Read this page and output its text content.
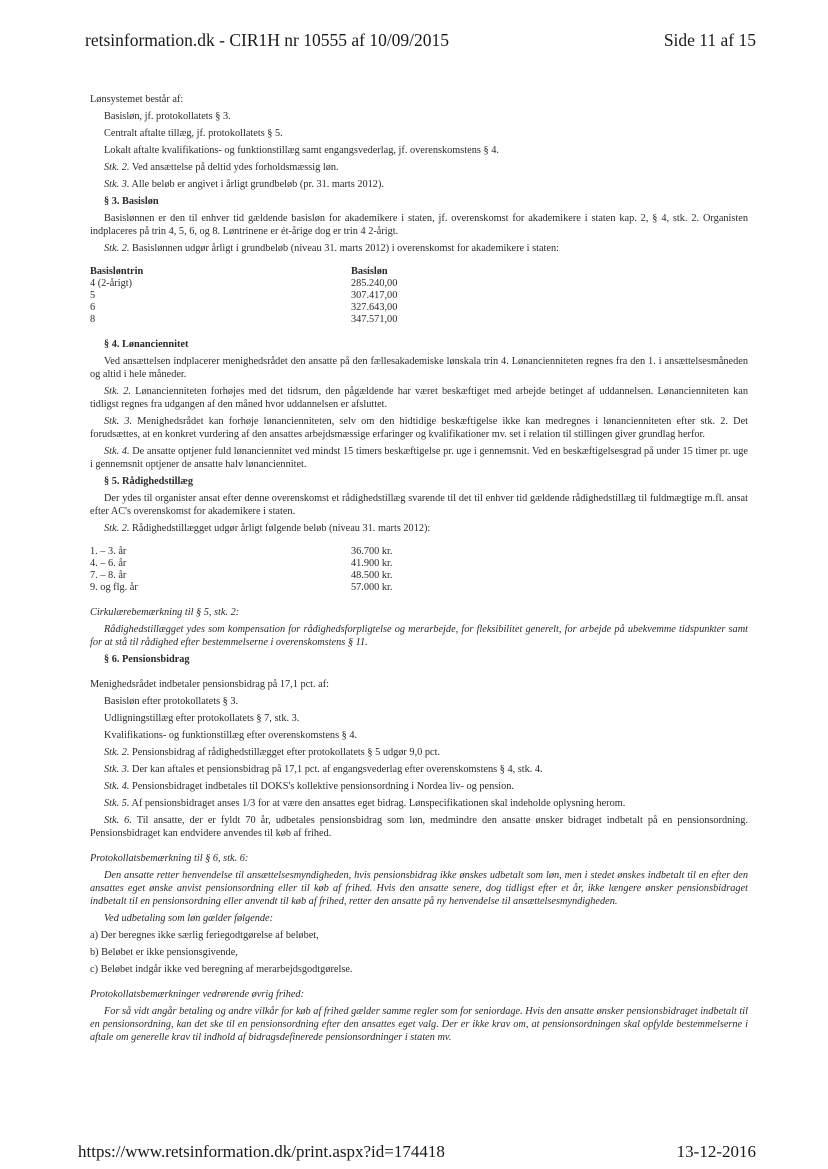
retsinformation.dk - CIR1H nr 10555 af 10/09/2015	Side 11 af 15

Lønsystemet består af:

Basisløn, jf. protokollatets § 3.

Centralt aftalte tillæg, jf. protokollatets § 5.

Lokalt aftalte kvalifikations- og funktionstillæg samt engangsvederlag, jf. overenskomstens § 4.

Stk. 2. Ved ansættelse på deltid ydes forholdsmæssig løn.

Stk. 3. Alle beløb er angivet i årligt grundbeløb (pr. 31. marts 2012).

§ 3. Basisløn

Basislønnen er den til enhver tid gældende basisløn for akademikere i staten, jf. overenskomst for akademikere i staten kap. 2, § 4, stk. 2. Organisten indplaceres på trin 4, 5, 6, og 8. Løntrinene er ét-årige dog er trin 4 2-årigt.

Stk. 2. Basislønnen udgør årligt i grundbeløb (niveau 31. marts 2012) i overenskomst for akademikere i staten:

Basisløntrin	Basisløn
4 (2-årigt)	285.240,00
5	307.417,00
6	327.643,00
8	347.571,00

§ 4. Lønanciennitet

Ved ansættelsen indplacerer menighedsrådet den ansatte på den fællesakademiske lønskala trin 4. Lønancienniteten regnes fra den 1. i ansættelsesmåneden og altid i hele måneder.

Stk. 2. Lønancienniteten forhøjes med det tidsrum, den pågældende har været beskæftiget med arbejde betinget af uddannelsen. Lønancienniteten kan tidligst regnes fra udgangen af den måned hvor uddannelsen er afsluttet.

Stk. 3. Menighedsrådet kan forhøje lønancienniteten, selv om den hidtidige beskæftigelse ikke kan medregnes i lønancienniteten efter stk. 2. Det forudsættes, at en konkret vurdering af den ansattes arbejdsmæssige erfaringer og kvalifikationer mv. set i relation til stillingen giver grundlag herfor.

Stk. 4. De ansatte optjener fuld lønanciennitet ved mindst 15 timers beskæftigelse pr. uge i gennemsnit. Ved en beskæftigelsesgrad på under 15 timer pr. uge i gennemsnit optjener de ansatte halv lønanciennitet.

§ 5. Rådighedstillæg

Der ydes til organister ansat efter denne overenskomst et rådighedstillæg svarende til det til enhver tid gældende rådighedstillæg til fuldmægtige m.fl. ansat efter AC's overenskomst for akademikere i staten.

Stk. 2. Rådighedstillægget udgør årligt følgende beløb (niveau 31. marts 2012):

1. – 3. år	36.700 kr.
4. – 6. år	41.900 kr.
7. – 8. år	48.500 kr.
9. og flg. år	57.000 kr.

Cirkulærebemærkning til § 5, stk. 2:

Rådighedstillægget ydes som kompensation for rådighedsforpligtelse og merarbejde, for fleksibilitet generelt, for arbejde på ubekvemme tidspunkter samt for at stå til rådighed efter bestemmelserne i overenskomstens § 11.

§ 6. Pensionsbidrag

Menighedsrådet indbetaler pensionsbidrag på 17,1 pct. af:

Basisløn efter protokollatets § 3.

Udligningstillæg efter protokollatets § 7, stk. 3.

Kvalifikations- og funktionstillæg efter overenskomstens § 4.

Stk. 2. Pensionsbidrag af rådighedstillægget efter protokollatets § 5 udgør 9,0 pct.

Stk. 3. Der kan aftales et pensionsbidrag på 17,1 pct. af engangsvederlag efter overenskomstens § 4, stk. 4.

Stk. 4. Pensionsbidraget indbetales til DOKS's kollektive pensionsordning i Nordea liv- og pension.

Stk. 5. Af pensionsbidraget anses 1/3 for at være den ansattes eget bidrag. Lønspecifikationen skal indeholde oplysning herom.

Stk. 6. Til ansatte, der er fyldt 70 år, udbetales pensionsbidrag som løn, medmindre den ansatte ønsker bidraget indbetalt på en pensionsordning. Pensionsbidraget kan endvidere anvendes til køb af frihed.

Protokollatsbemærkning til § 6, stk. 6:

Den ansatte retter henvendelse til ansættelsesmyndigheden, hvis pensionsbidrag ikke ønskes udbetalt som løn, men i stedet ønskes indbetalt til en efter den ansattes eget ønske anvist pensionsordning eller til køb af frihed. Hvis den ansatte senere, dog tidligst efter et år, ikke længere ønsker pensionsbidraget indbetalt til en pensionsordning eller anvendt til køb af frihed, retter den ansatte på ny henvendelse til ansættelsesmyndigheden.

Ved udbetaling som løn gælder følgende:

a) Der beregnes ikke særlig feriegodtgørelse af beløbet,

b) Beløbet er ikke pensionsgivende,

c) Beløbet indgår ikke ved beregning af merarbejdsgodtgørelse.

Protokollatsbemærkninger vedrørende øvrig frihed:

For så vidt angår betaling og andre vilkår for køb af frihed gælder samme regler som for seniordage. Hvis den ansatte ønsker pensionsbidraget indbetalt til en pensionsordning, kan det ske til en pensionsordning efter den ansattes eget valg. Der er ikke krav om, at pensionsordningen skal opfylde bestemmelserne i aftale om generelle krav til indhold af bidragsdefinerede pensionsordninger i staten mv.

https://www.retsinformation.dk/print.aspx?id=174418	13-12-2016
